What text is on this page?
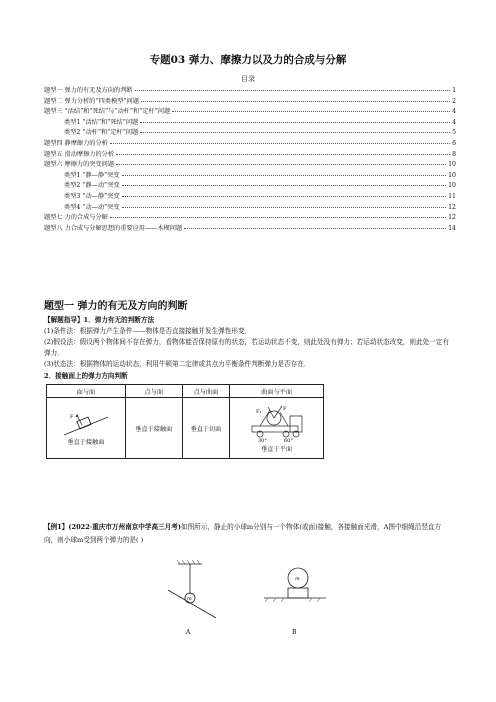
专题03 弹力、摩擦力以及力的合成与分解
目录
题型一 弹力的有无及方向的判断	1
题型二 弹力分析的“四类模型”问题	2
题型三 “活结”和“死结”与“动杆”和“定杆”问题	4
类型1 “活结”和“死结”问题	4
类型2 “动杆”和“定杆”问题	5
题型四 静摩擦力的分析	6
题型五 滑动摩擦力的分析	8
题型六 摩擦力的突变问题	10
类型1 “静—静”突变	10
类型2 “静—动”突变	10
类型3 “动—静”突变	11
类型4 “动—动”突变	12
题型七 力的合成与分解	12
题型八 力合成与分解思想的重要应用——木楔问题	14
题型一 弹力的有无及方向的判断
【解题指导】1．弹力有无的判断方法
(1)条件法：根据弹力产生条件——物体是否直接接触并发生弹性形变．
(2)假设法：假设两个物体间不存在弹力，看物体能否保持原有的状态，若运动状态不变，则此处没有弹力；若运动状态改变，则此处一定有弹力．
(3)状态法：根据物体的运动状态，利用牛顿第二定律或共点力平衡条件判断弹力是否存在．
2．接触面上的弹力方向判断
面与面	点与面	点与曲面	曲面与平面

F
垂直于接触面	垂直于接触面	垂直于切面	F₁ F
30° 60°
垂直于平面
【例1】(2022·重庆市万州南京中学高三月考)如图所示，静止的小球m分别与一个物体(或面)接触，各接触面光滑，A图中细绳沿竖直方向，则小球m受到两个弹力的是( )
m
A
m
B
